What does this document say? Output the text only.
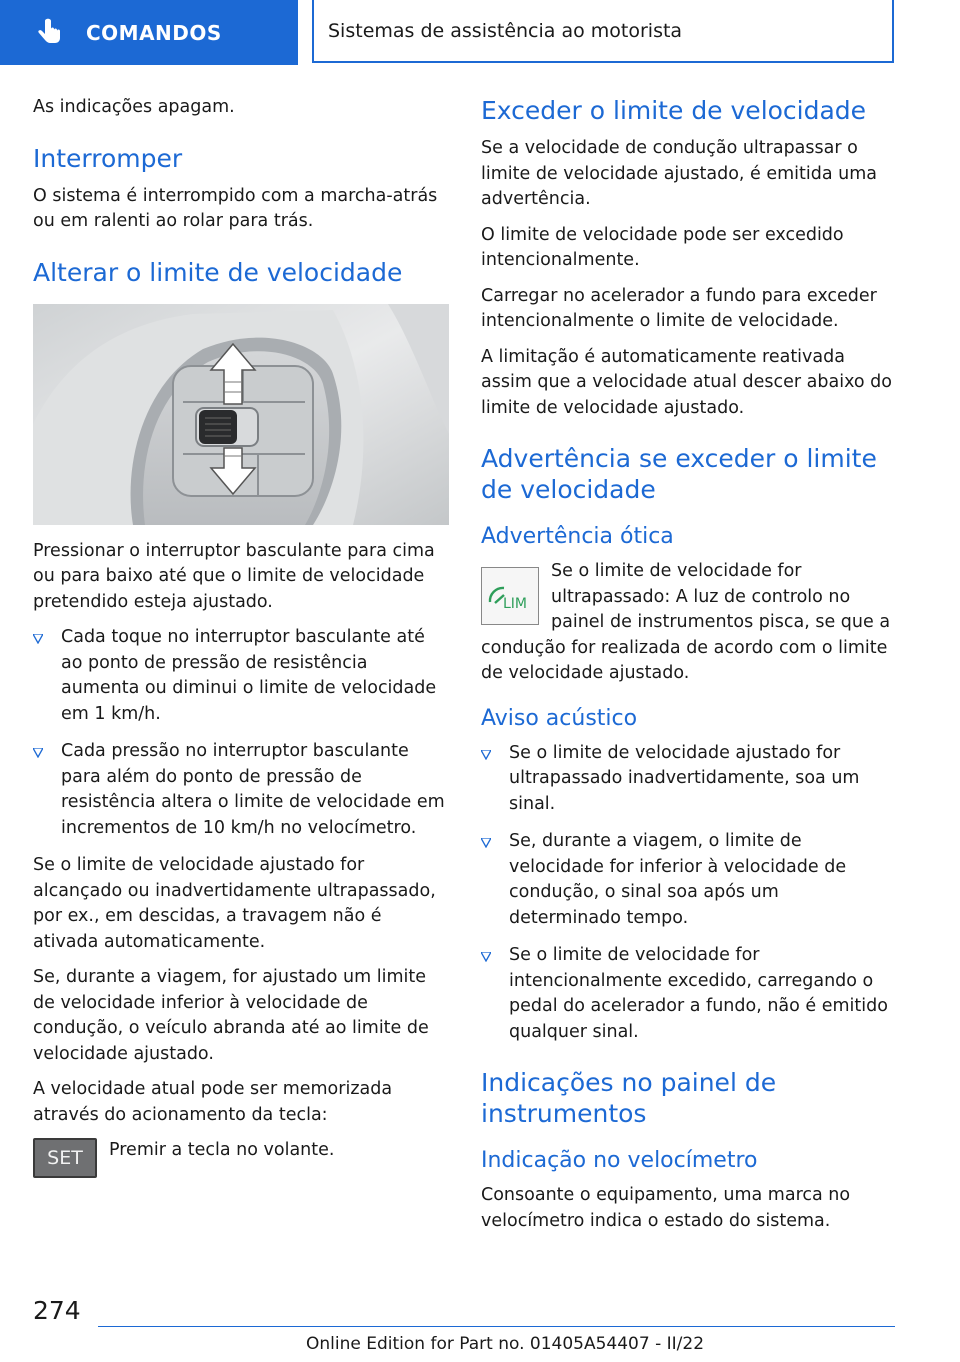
COMANDOS	Sistemas de assistência ao motorista

As indicações apagam.

Interromper

O sistema é interrompido com a marcha-atrás ou em ralenti ao rolar para trás.

Alterar o limite de velocidade

Pressionar o interruptor basculante para cima ou para baixo até que o limite de velocidade pretendido esteja ajustado.

Cada toque no interruptor basculante até ao ponto de pressão de resistência aumenta ou diminui o limite de velocidade em 1 km/h.
Cada pressão no interruptor basculante para além do ponto de pressão de resistência altera o limite de velocidade em incrementos de 10 km/h no velocímetro.

Se o limite de velocidade ajustado for alcançado ou inadvertidamente ultrapassado, por ex., em descidas, a travagem não é ativada automaticamente.

Se, durante a viagem, for ajustado um limite de velocidade inferior à velocidade de condução, o veículo abranda até ao limite de velocidade ajustado.

A velocidade atual pode ser memorizada através do acionamento da tecla:

SET Premir a tecla no volante.

Exceder o limite de velocidade

Se a velocidade de condução ultrapassar o limite de velocidade ajustado, é emitida uma advertência.

O limite de velocidade pode ser excedido intencionalmente.

Carregar no acelerador a fundo para exceder intencionalmente o limite de velocidade.

A limitação é automaticamente reativada assim que a velocidade atual descer abaixo do limite de velocidade ajustado.

Advertência se exceder o limite de velocidade
Advertência ótica
LIM

Se o limite de velocidade for ultrapassado: A luz de controlo no painel de instrumentos pisca, se que a condução for realizada de acordo com o limite de velocidade ajustado.

Aviso acústico
Se o limite de velocidade ajustado for ultrapassado inadvertidamente, soa um sinal.
Se, durante a viagem, o limite de velocidade for inferior à velocidade de condução, o sinal soa após um determinado tempo.
Se o limite de velocidade for intencionalmente excedido, carregando o pedal do acelerador a fundo, não é emitido qualquer sinal.
Indicações no painel de instrumentos
Indicação no velocímetro

Consoante o equipamento, uma marca no velocímetro indica o estado do sistema.

274
Online Edition for Part no. 01405A54407 - II/22
